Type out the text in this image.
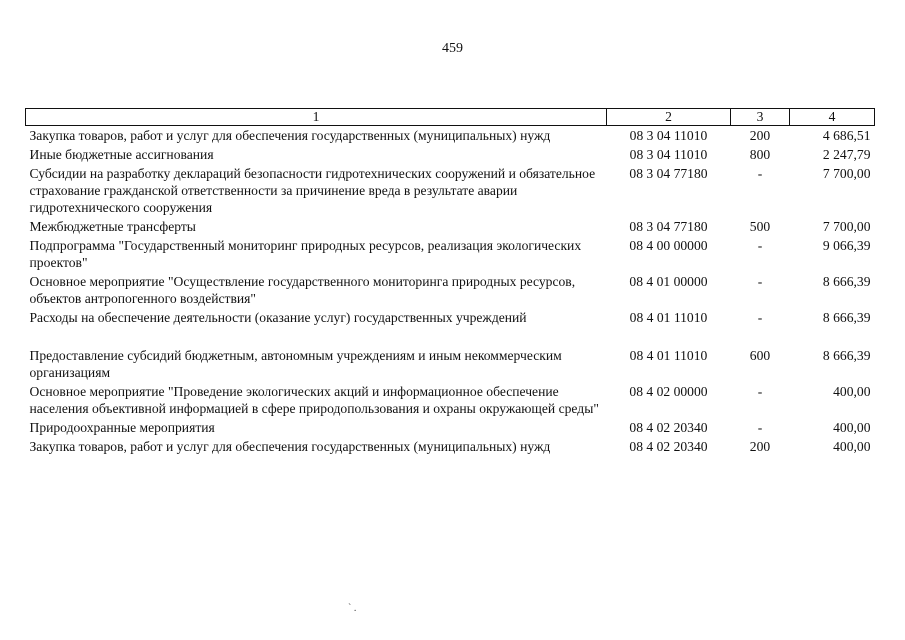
459
1	2	3	4
Закупка товаров, работ и услуг для обеспечения государственных (муниципальных) нужд	08 3 04 11010	200	4 686,51
Иные бюджетные ассигнования	08 3 04 11010	800	2 247,79
Субсидии на разработку деклараций безопасности гидротехнических сооружений и обязательное страхование гражданской ответственности за причинение вреда в результате аварии гидротехнического сооружения	08 3 04 77180	-	7 700,00
Межбюджетные трансферты	08 3 04 77180	500	7 700,00
Подпрограмма "Государственный мониторинг природных ресурсов, реализация экологических проектов"	08 4 00 00000	-	9 066,39
Основное мероприятие "Осуществление государственного мониторинга природных ресурсов, объектов антропогенного воздействия"	08 4 01 00000	-	8 666,39
Расходы на обеспечение деятельности (оказание услуг) государственных учреждений	08 4 01 11010	-	8 666,39

Предоставление субсидий бюджетным, автономным учреждениям и иным некоммерческим организациям	08 4 01 11010	600	8 666,39
Основное мероприятие "Проведение экологических акций и информационное обеспечение населения объективной информацией в сфере природопользования и охраны окружающей среды"	08 4 02 00000	-	400,00
Природоохранные мероприятия	08 4 02 20340	-	400,00
Закупка товаров, работ и услуг для обеспечения государственных (муниципальных) нужд	08 4 02 20340	200	400,00
` .
